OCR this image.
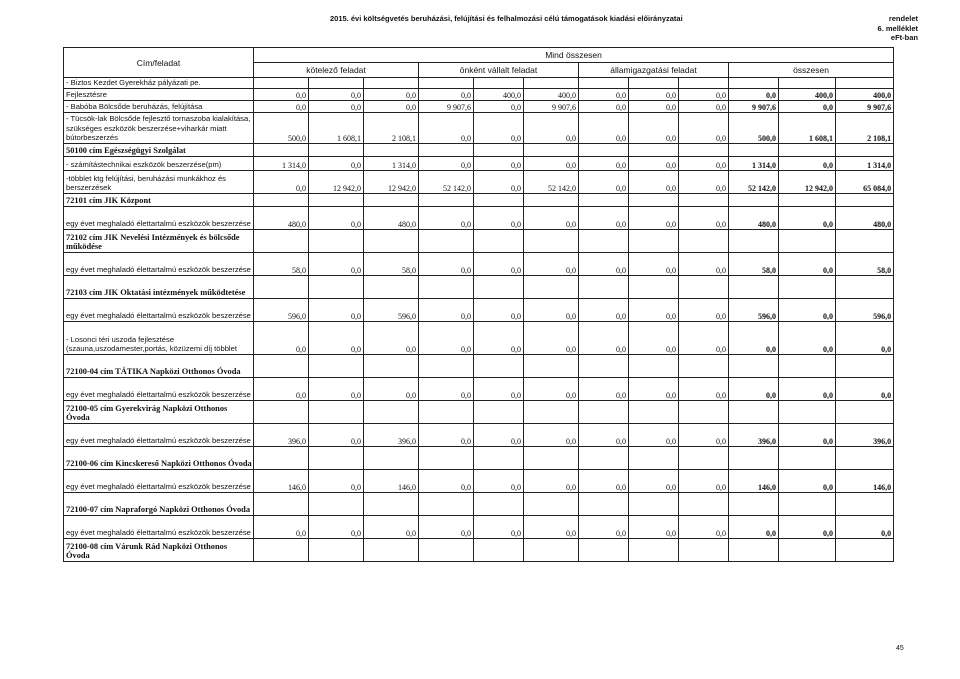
2015. évi költségvetés beruházási, felújítási és felhalmozási célú támogatások kiadási előirányzatai	rendelet
6. melléklet
eFt-ban
Cím/feladat	Mind összesen											
	kötelező feladat			önként vállalt feladat			államigazgatási feladat			összesen		
- Biztos Kezdet Gyerekház pályázati pe.												
Fejlesztésre	0,0	0,0	0,0	0,0	400,0	400,0	0,0	0,0	0,0	0,0	400,0	400,0
- Babóba Bölcsőde beruházás, felújítása	0,0	0,0	0,0	9 907,6	0,0	9 907,6	0,0	0,0	0,0	9 907,6	0,0	9 907,6
- Tücsök-lak Bölcsőde fejlesztő tornaszoba kialakítása, szükséges eszközök beszerzése+viharkár miatt bútorbeszerzés	500,0	1 608,1	2 108,1	0,0	0,0	0,0	0,0	0,0	0,0	500,0	1 608,1	2 108,1
50100 cím Egészségügyi Szolgálat												
- számítástechnikai eszközök beszerzése(pm)	1 314,0	0,0	1 314,0	0,0	0,0	0,0	0,0	0,0	0,0	1 314,0	0,0	1 314,0
-többlet ktg felújítási, beruházási munkákhoz és berszerzések	0,0	12 942,0	12 942,0	52 142,0	0,0	52 142,0	0,0	0,0	0,0	52 142,0	12 942,0	65 084,0
72101 cím JIK Központ												
egy évet meghaladó élettartalmú eszközök beszerzése	480,0	0,0	480,0	0,0	0,0	0,0	0,0	0,0	0,0	480,0	0,0	480,0
72102 cím JIK Nevelési Intézmények és bölcsőde működése												
egy évet meghaladó élettartalmú eszközök beszerzése	58,0	0,0	58,0	0,0	0,0	0,0	0,0	0,0	0,0	58,0	0,0	58,0
72103 cím JIK Oktatási intézmények működtetése												
egy évet meghaladó élettartalmú eszközök beszerzése	596,0	0,0	596,0	0,0	0,0	0,0	0,0	0,0	0,0	596,0	0,0	596,0
- Losonci téri uszoda fejlesztése (szauna,uszodamester,portás, közüzemi díj többlet	0,0	0,0	0,0	0,0	0,0	0,0	0,0	0,0	0,0	0,0	0,0	0,0
72100-04 cím TÁTIKA Napközi Otthonos Óvoda												
egy évet meghaladó élettartalmú eszközök beszerzése	0,0	0,0	0,0	0,0	0,0	0,0	0,0	0,0	0,0	0,0	0,0	0,0
72100-05 cím Gyerekvirág Napközi Otthonos Óvoda												
egy évet meghaladó élettartalmú eszközök beszerzése	396,0	0,0	396,0	0,0	0,0	0,0	0,0	0,0	0,0	396,0	0,0	396,0
72100-06 cím Kincskereső Napközi Otthonos Óvoda												
egy évet meghaladó élettartalmú eszközök beszerzése	146,0	0,0	146,0	0,0	0,0	0,0	0,0	0,0	0,0	146,0	0,0	146,0
72100-07 cím Napraforgó Napközi Otthonos Óvoda												
egy évet meghaladó élettartalmú eszközök beszerzése	0,0	0,0	0,0	0,0	0,0	0,0	0,0	0,0	0,0	0,0	0,0	0,0
72100-08 cím Várunk Rád Napközi Otthonos Óvoda												
45
